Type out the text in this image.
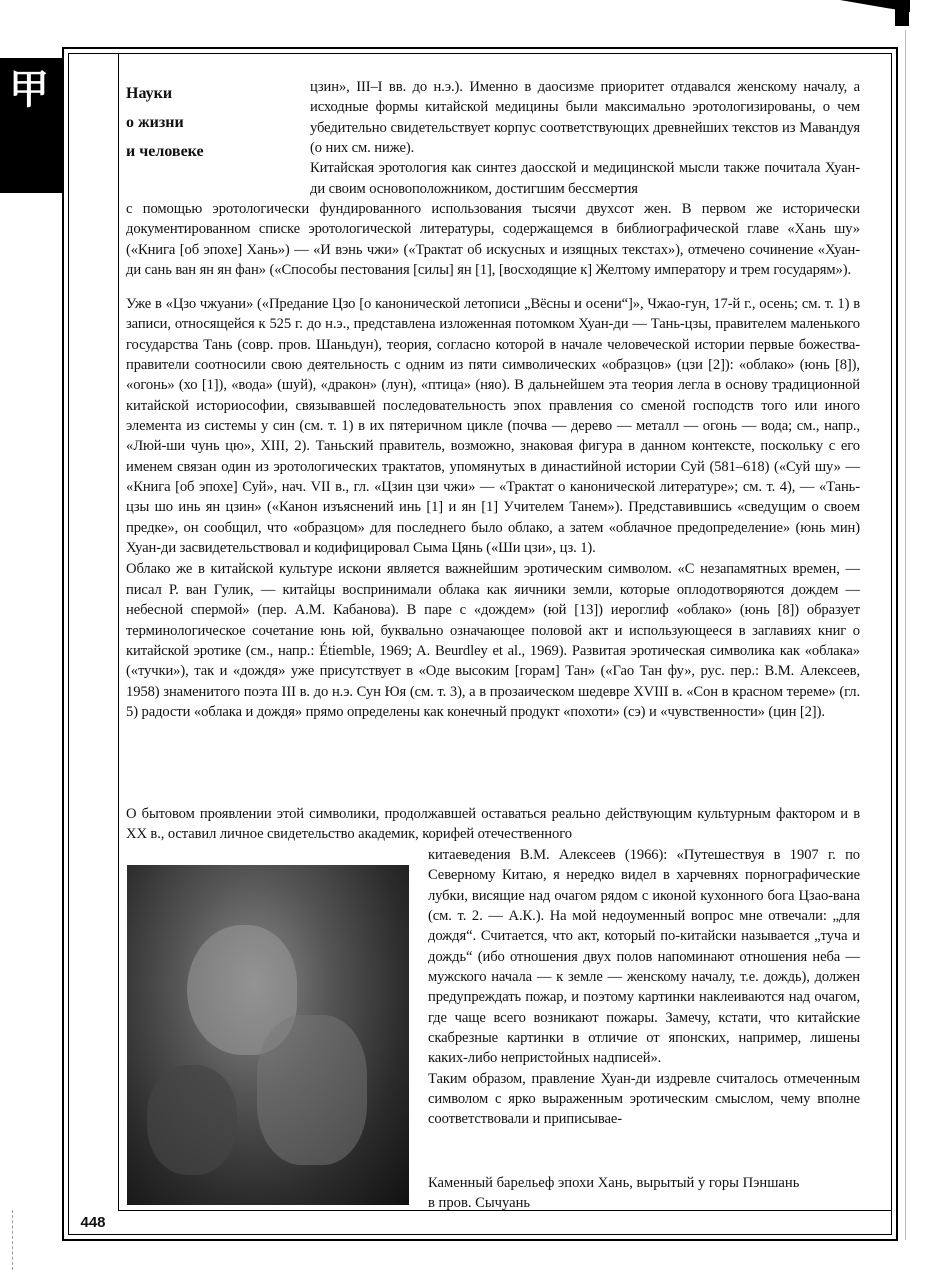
甲
448
Науки
о жизни
и человеке

цзин», III–I вв. до н.э.). Именно в даосизме приоритет отдавался женскому началу, а исходные формы китайской медицины были максимально эротологизированы, о чем убедительно свидетельствует корпус соответствующих древнейших текстов из Мавандуя (о них см. ниже).

Китайская эротология как синтез даосской и медицинской мысли также почитала Хуан-ди своим основоположником, достигшим бессмертия

с помощью эротологически фундированного использования тысячи двухсот жен. В первом же исторически документированном списке эротологической литературы, содержащемся в библиографической главе «Хань шу» («Книга [об эпохе] Хань») — «И вэнь чжи» («Трактат об искусных и изящных текстах»), отмечено сочинение «Хуан-ди сань ван ян ян фан» («Способы пестования [силы] ян [1], [восходящие к] Желтому императору и трем государям»).

Уже в «Цзо чжуани» («Предание Цзо [о канонической летописи „Вёсны и осени“]», Чжао-гун, 17-й г., осень; см. т. 1) в записи, относящейся к 525 г. до н.э., представлена изложенная потомком Хуан-ди — Тань-цзы, правителем маленького государства Тань (совр. пров. Шаньдун), теория, согласно которой в начале человеческой истории первые божества-правители соотносили свою деятельность с одним из пяти символических «образцов» (цзи [2]): «облако» (юнь [8]), «огонь» (хо [1]), «вода» (шуй), «дракон» (лун), «птица» (няо). В дальнейшем эта теория легла в основу традиционной китайской историософии, связывавшей последовательность эпох правления со сменой господств того или иного элемента из системы у син (см. т. 1) в их пятеричном цикле (почва — дерево — металл — огонь — вода; см., напр., «Люй-ши чунь цю», XIII, 2). Таньский правитель, возможно, знаковая фигура в данном контексте, поскольку с его именем связан один из эротологических трактатов, упомянутых в династийной истории Суй (581–618) («Суй шу» — «Книга [об эпохе] Суй», нач. VII в., гл. «Цзин цзи чжи» — «Трактат о канонической литературе»; см. т. 4), — «Тань-цзы шо инь ян цзин» («Канон изъяснений инь [1] и ян [1] Учителем Танем»). Представившись «сведущим о своем предке», он сообщил, что «образцом» для последнего было облако, а затем «облачное предопределение» (юнь мин) Хуан-ди засвидетельствовал и кодифицировал Сыма Цянь («Ши цзи», цз. 1).

Облако же в китайской культуре искони является важнейшим эротическим символом. «С незапамятных времен, — писал Р. ван Гулик, — китайцы воспринимали облака как яичники земли, которые оплодотворяются дождем — небесной спермой» (пер. А.М. Кабанова). В паре с «дождем» (юй [13]) иероглиф «облако» (юнь [8]) образует терминологическое сочетание юнь юй, буквально означающее половой акт и использующееся в заглавиях книг о китайской эротике (см., напр.: Étiemble, 1969; A. Beurdley et al., 1969). Развитая эротическая символика как «облака» («тучки»), так и «дождя» уже присутствует в «Оде высоким [горам] Тан» («Гао Тан фу», рус. пер.: В.М. Алексеев, 1958) знаменитого поэта III в. до н.э. Сун Юя (см. т. 3), а в прозаическом шедевре XVIII в. «Сон в красном тереме» (гл. 5) радости «облака и дождя» прямо определены как конечный продукт «похоти» (сэ) и «чувственности» (цин [2]).

О бытовом проявлении этой символики, продолжавшей оставаться реально действующим культурным фактором и в XX в., оставил личное свидетельство академик, корифей отечественного

китаеведения В.М. Алексеев (1966): «Путешествуя в 1907 г. по Северному Китаю, я нередко видел в харчевнях порнографические лубки, висящие над очагом рядом с иконой кухонного бога Цзао-вана (см. т. 2. — А.К.). На мой недоуменный вопрос мне отвечали: „для дождя“. Считается, что акт, который по-китайски называется „туча и дождь“ (ибо отношения двух полов напоминают отношения неба — мужского начала — к земле — женскому началу, т.е. дождь), должен предупреждать пожар, и поэтому картинки наклеиваются над очагом, где чаще всего возникают пожары. Замечу, кстати, что китайские скабрезные картинки в отличие от японских, например, лишены каких-либо непристойных надписей».

Таким образом, правление Хуан-ди издревле считалось отмеченным символом с ярко выраженным эротическим смыслом, чему вполне соответствовали и приписывае-

Каменный барельеф эпохи Хань, вырытый у горы Пэншань

в пров. Сычуань
